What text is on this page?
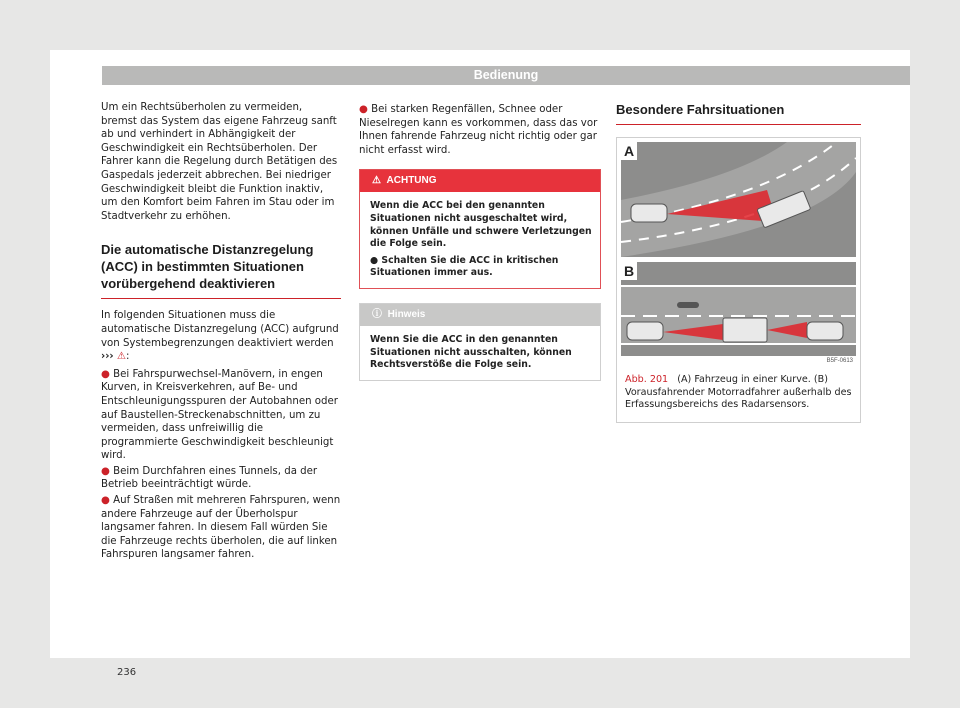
Bedienung

Um ein Rechtsüberholen zu vermeiden, bremst das System das eigene Fahrzeug sanft ab und verhindert in Abhängigkeit der Geschwindigkeit ein Rechtsüberholen. Der Fahrer kann die Regelung durch Betätigen des Gaspedals jederzeit abbrechen. Bei niedriger Geschwindigkeit bleibt die Funktion inaktiv, um den Komfort beim Fahren im Stau oder im Stadtverkehr zu erhöhen.

Die automatische Distanzregelung (ACC) in bestimmten Situationen vorübergehend deaktivieren

In folgenden Situationen muss die automatische Distanzregelung (ACC) aufgrund von Systembegrenzungen deaktiviert werden ››› ⚠:

● Bei Fahrspurwechsel-Manövern, in engen Kurven, in Kreisverkehren, auf Be- und Entschleunigungsspuren der Autobahnen oder auf Baustellen-Streckenabschnitten, um zu vermeiden, dass unfreiwillig die programmierte Geschwindigkeit beschleunigt wird.
● Beim Durchfahren eines Tunnels, da der Betrieb beeinträchtigt würde.
● Auf Straßen mit mehreren Fahrspuren, wenn andere Fahrzeuge auf der Überholspur langsamer fahren. In diesem Fall würden Sie die Fahrzeuge rechts überholen, die auf linken Fahrspuren langsamer fahren.
● Bei starken Regenfällen, Schnee oder Nieselregen kann es vorkommen, dass das vor Ihnen fahrende Fahrzeug nicht richtig oder gar nicht erfasst wird.
⚠ ACHTUNG
Wenn die ACC bei den genannten Situationen nicht ausgeschaltet wird, können Unfälle und schwere Verletzungen die Folge sein.
● Schalten Sie die ACC in kritischen Situationen immer aus.
ⓘ Hinweis
Wenn Sie die ACC in den genannten Situationen nicht ausschalten, können Rechtsverstöße die Folge sein.
Besondere Fahrsituationen
A
B
B5F-0613
Abb. 201 (A) Fahrzeug in einer Kurve. (B) Vorausfahrender Motorradfahrer außerhalb des Erfassungsbereichs des Radarsensors.
236
